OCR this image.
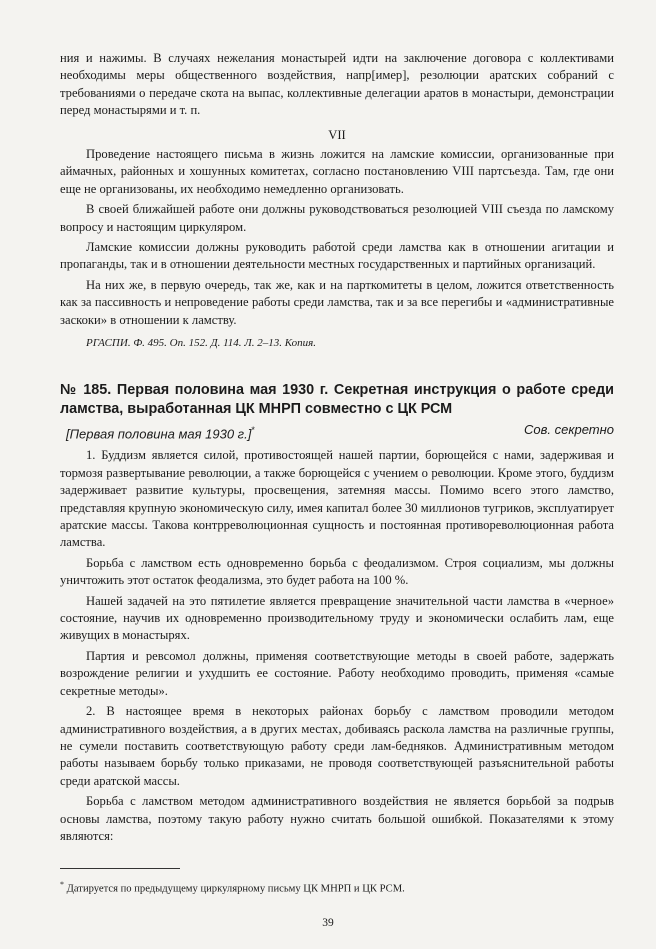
ния и нажимы. В случаях нежелания монастырей идти на заключение договора с коллективами необходимы меры общественного воздействия, напр[имер], резолюции аратских собраний с требованиями о передаче скота на выпас, коллективные делегации аратов в монастыри, демонстрации перед монастырями и т. п.

VII

Проведение настоящего письма в жизнь ложится на ламские комиссии, организованные при аймачных, районных и хошунных комитетах, согласно постановлению VIII партсъезда. Там, где они еще не организованы, их необходимо немедленно организовать.

В своей ближайшей работе они должны руководствоваться резолюцией VIII съезда по ламскому вопросу и настоящим циркуляром.

Ламские комиссии должны руководить работой среди ламства как в отношении агитации и пропаганды, так и в отношении деятельности местных государственных и партийных организаций.

На них же, в первую очередь, так же, как и на парткомитеты в целом, ложится ответственность как за пассивность и непроведение работы среди ламства, так и за все перегибы и «административные заскоки» в отношении к ламству.

РГАСПИ. Ф. 495. Оп. 152. Д. 114. Л. 2–13. Копия.
№ 185. Первая половина мая 1930 г. Секретная инструкция о работе среди ламства, выработанная ЦК МНРП совместно с ЦК РСМ
[Первая половина мая 1930 г.]*	Сов. секретно

1. Буддизм является силой, противостоящей нашей партии, борющейся с нами, задерживая и тормозя развертывание революции, а также борющейся с учением о революции. Кроме этого, буддизм задерживает развитие культуры, просвещения, затемняя массы. Помимо всего этого ламство, представляя крупную экономическую силу, имея капитал более 30 миллионов тугриков, эксплуатирует аратские массы. Такова контрреволюционная сущность и постоянная противореволюционная работа ламства.

Борьба с ламством есть одновременно борьба с феодализмом. Строя социализм, мы должны уничтожить этот остаток феодализма, это будет работа на 100 %.

Нашей задачей на это пятилетие является превращение значительной части ламства в «черное» состояние, научив их одновременно производительному труду и экономически ослабить лам, еще живущих в монастырях.

Партия и ревсомол должны, применяя соответствующие методы в своей работе, задержать возрождение религии и ухудшить ее состояние. Работу необходимо проводить, применяя «самые секретные методы».

2. В настоящее время в некоторых районах борьбу с ламством проводили методом административного воздействия, а в других местах, добиваясь раскола ламства на различные группы, не сумели поставить соответствующую работу среди лам-бедняков. Административным методом работы называем борьбу только приказами, не проводя соответствующей разъяснительной работы среди аратской массы.

Борьба с ламством методом административного воздействия не является борьбой за подрыв основы ламства, поэтому такую работу нужно считать большой ошибкой. Показателями к этому являются:

* Датируется по предыдущему циркулярному письму ЦК МНРП и ЦК РСМ.
39
